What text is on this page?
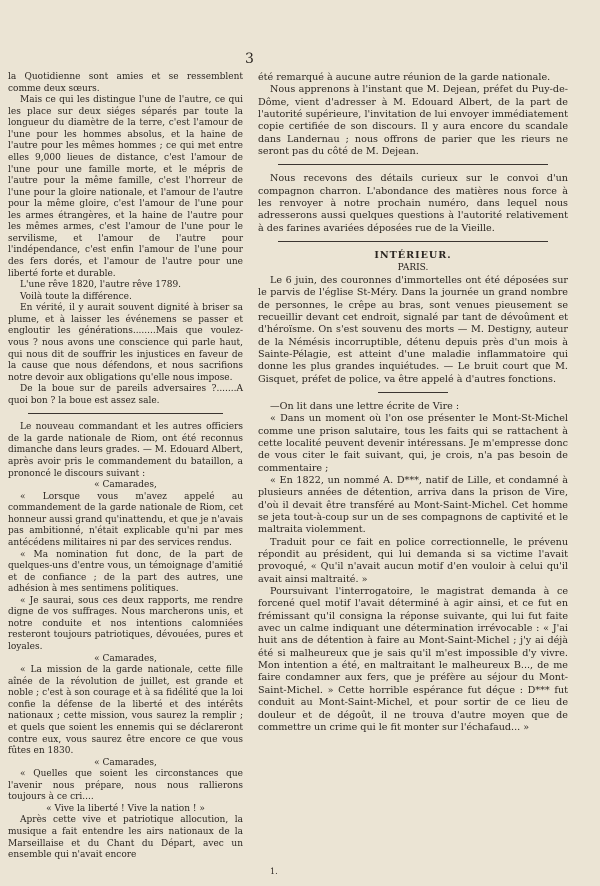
3

la Quotidienne sont amies et se ressemblent comme deux sœurs.

Mais ce qui les distingue l'une de l'autre, ce qui les place sur deux siéges séparés par toute la longueur du diamètre de la terre, c'est l'amour de l'une pour les hommes absolus, et la haine de l'autre pour les mêmes hommes ; ce qui met entre elles 9,000 lieues de distance, c'est l'amour de l'une pour une famille morte, et le mépris de l'autre pour la même famille, c'est l'horreur de l'une pour la gloire nationale, et l'amour de l'autre pour la même gloire, c'est l'amour de l'une pour les armes étrangères, et la haine de l'autre pour les mêmes armes, c'est l'amour de l'une pour le servilisme, et l'amour de l'autre pour l'indépendance, c'est enfin l'amour de l'une pour des fers dorés, et l'amour de l'autre pour une liberté forte et durable.

L'une rêve 1820, l'autre rêve 1789.

Voilà toute la différence.

En vérité, il y aurait souvent dignité à briser sa plume, et à laisser les événemens se passer et engloutir les générations........Mais que voulez-vous ? nous avons une conscience qui parle haut, qui nous dit de souffrir les injustices en faveur de la cause que nous défendons, et nous sacrifions notre devoir aux obligations qu'elle nous impose.

De la boue sur de pareils adversaires ?.......A quoi bon ? la boue est assez sale.

Le nouveau commandant et les autres officiers de la garde nationale de Riom, ont été reconnus dimanche dans leurs grades. — M. Edouard Albert, après avoir pris le commandement du bataillon, a prononcé le discours suivant :

« Camarades,

« Lorsque vous m'avez appelé au commandement de la garde nationale de Riom, cet honneur aussi grand qu'inattendu, et que je n'avais pas ambitionné, n'était explicable qu'ni par mes antécédens militaires ni par des services rendus.

« Ma nomination fut donc, de la part de quelques-uns d'entre vous, un témoignage d'amitié et de confiance ; de la part des autres, une adhésion à mes sentimens politiques.

« Je saurai, sous ces deux rapports, me rendre digne de vos suffrages. Nous marcherons unis, et notre conduite et nos intentions calomniées resteront toujours patriotiques, dévouées, pures et loyales.

« Camarades,

« La mission de la garde nationale, cette fille aînée de la révolution de juillet, est grande et noble ; c'est à son courage et à sa fidélité que la loi confie la défense de la liberté et des intérêts nationaux ; cette mission, vous saurez la remplir ; et quels que soient les ennemis qui se déclareront contre eux, vous saurez être encore ce que vous fûtes en 1830.

« Camarades,

« Quelles que soient les circonstances que l'avenir nous prépare, nous nous rallierons toujours à ce cri....

« Vive la liberté ! Vive la nation ! »

Après cette vive et patriotique allocution, la musique a fait entendre les airs nationaux de la Marseillaise et du Chant du Départ, avec un ensemble qui n'avait encore

été remarqué à aucune autre réunion de la garde nationale.

Nous apprenons à l'instant que M. Dejean, préfet du Puy-de-Dôme, vient d'adresser à M. Edouard Albert, de la part de l'autorité supérieure, l'invitation de lui envoyer immédiatement copie certifiée de son discours. Il y aura encore du scandale dans Landernau ; nous offrons de parier que les rieurs ne seront pas du côté de M. Dejean.

Nous recevons des détails curieux sur le convoi d'un compagnon charron. L'abondance des matières nous force à les renvoyer à notre prochain numéro, dans lequel nous adresserons aussi quelques questions à l'autorité relativement à des farines avariées déposées rue de la Vieille.

INTÉRIEUR.

PARIS.

Le 6 juin, des couronnes d'immortelles ont été déposées sur le parvis de l'église St-Méry. Dans la journée un grand nombre de personnes, le crêpe au bras, sont venues pieusement se recueillir devant cet endroit, signalé par tant de dévoûment et d'héroïsme. On s'est souvenu des morts — M. Destigny, auteur de la Némésis incorruptible, détenu depuis près d'un mois à Sainte-Pélagie, est atteint d'une maladie inflammatoire qui donne les plus grandes inquiétudes. — Le bruit court que M. Gisquet, préfet de police, va être appelé à d'autres fonctions.

—On lit dans une lettre écrite de Vire :

« Dans un moment où l'on ose présenter le Mont-St-Michel comme une prison salutaire, tous les faits qui se rattachent à cette localité peuvent devenir intéressans. Je m'empresse donc de vous citer le fait suivant, qui, je crois, n'a pas besoin de commentaire ;

« En 1822, un nommé A. D***, natif de Lille, et condamné à plusieurs années de détention, arriva dans la prison de Vire, d'où il devait être transféré au Mont-Saint-Michel. Cet homme se jeta tout-à-coup sur un de ses compagnons de captivité et le maltraita violemment.

Traduit pour ce fait en police correctionnelle, le prévenu répondit au président, qui lui demanda si sa victime l'avait provoqué, « Qu'il n'avait aucun motif d'en vouloir à celui qu'il avait ainsi maltraité. »

Poursuivant l'interrogatoire, le magistrat demanda à ce forcené quel motif l'avait déterminé à agir ainsi, et ce fut en frémissant qu'il consigna la réponse suivante, qui lui fut faite avec un calme indiquant une détermination irrévocable : « J'ai huit ans de détention à faire au Mont-Saint-Michel ; j'y ai déjà été si malheureux que je sais qu'il m'est impossible d'y vivre. Mon intention a été, en maltraitant le malheureux B..., de me faire condamner aux fers, que je préfère au séjour du Mont-Saint-Michel. » Cette horrible espérance fut déçue : D*** fut conduit au Mont-Saint-Michel, et pour sortir de ce lieu de douleur et de dégoût, il ne trouva d'autre moyen que de commettre un crime qui le fit monter sur l'échafaud... »

1.
